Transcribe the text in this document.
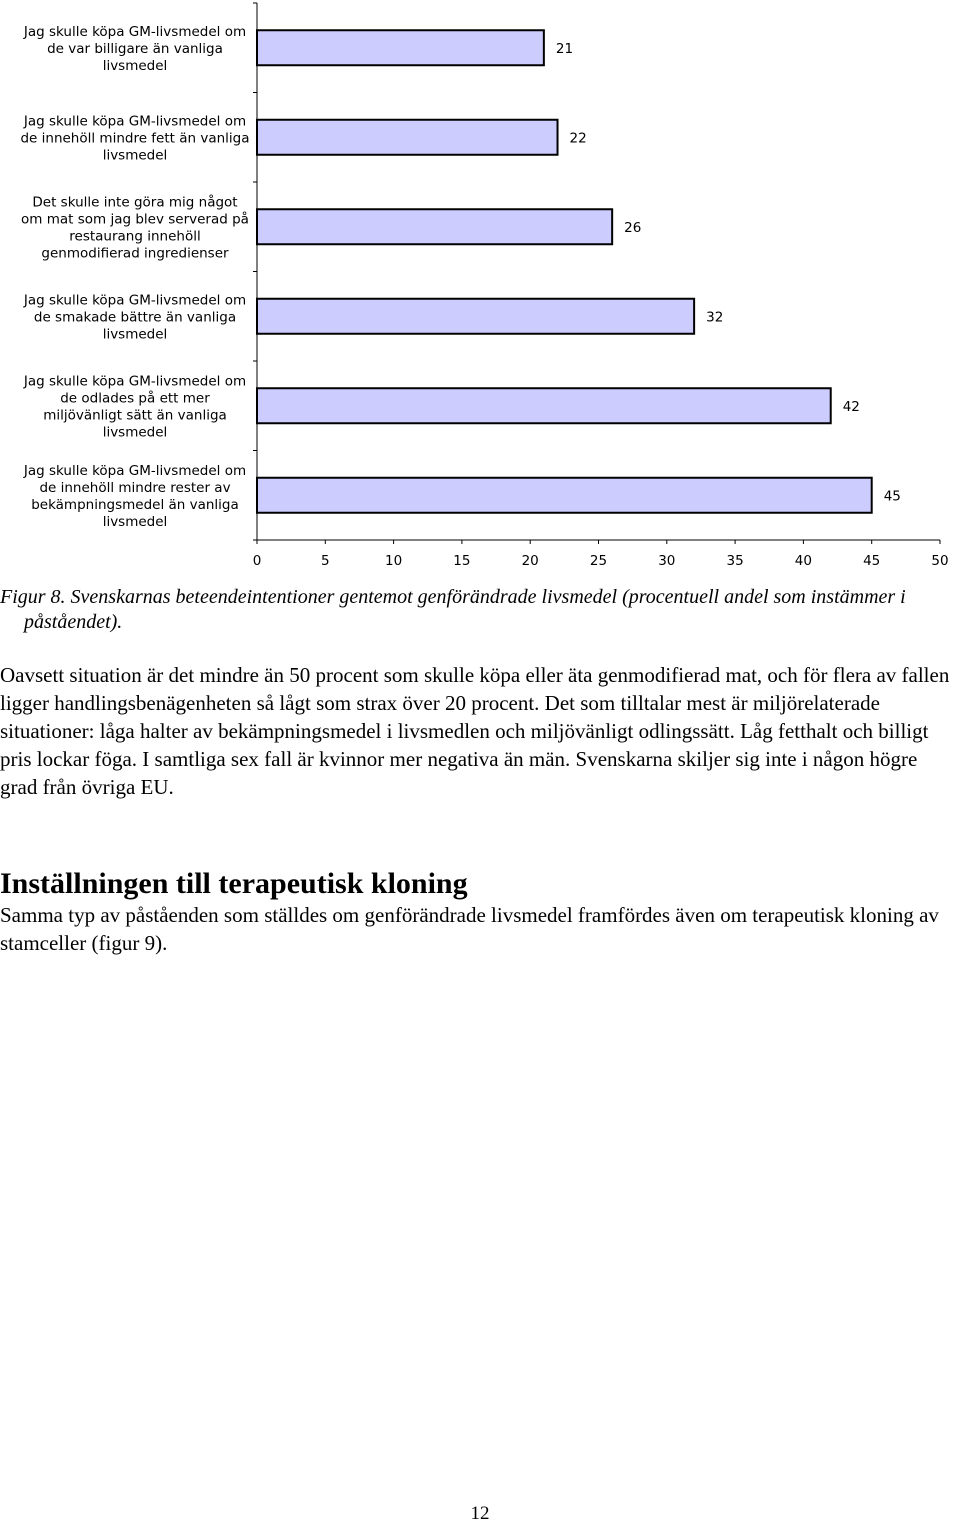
21
22
26
32
42
45
Jag skulle köpa GM-livsmedel om de var billigare än vanliga livsmedel
Jag skulle köpa GM-livsmedel om de innehöll mindre fett än vanliga livsmedel
Det skulle inte göra mig något om mat som jag blev serverad på restaurang innehöll genmodifierad ingredienser
Jag skulle köpa GM-livsmedel om de smakade bättre än vanliga livsmedel
Jag skulle köpa GM-livsmedel om de odlades på ett mer miljövänligt sätt än vanliga livsmedel
Jag skulle köpa GM-livsmedel om de innehöll mindre rester av bekämpningsmedel än vanliga livsmedel
0	5	10	15	20	25	30	35	40	45	50
Figur 8. Svenskarnas beteendeintentioner gentemot genförändrade livsmedel (procentuell andel som instämmer i påståendet).

Oavsett situation är det mindre än 50 procent som skulle köpa eller äta genmodifierad mat, och för flera av fallen ligger handlingsbenägenheten så lågt som strax över 20 procent. Det som tilltalar mest är miljörelaterade situationer: låga halter av bekämpningsmedel i livsmedlen och miljövänligt odlingssätt. Låg fetthalt och billigt pris lockar föga. I samtliga sex fall är kvinnor mer negativa än män. Svenskarna skiljer sig inte i någon högre grad från övriga EU.

Inställningen till terapeutisk kloning

Samma typ av påståenden som ställdes om genförändrade livsmedel framfördes även om terapeutisk kloning av stamceller (figur 9).

12
